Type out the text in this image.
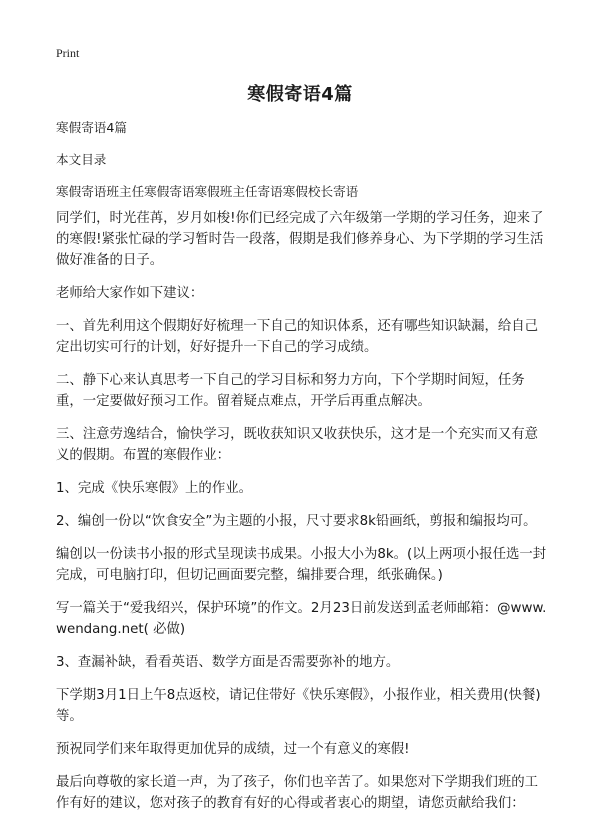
Print
寒假寄语4篇

寒假寄语4篇

本文目录

寒假寄语班主任寒假寄语寒假班主任寄语寒假校长寄语

同学们，时光荏苒，岁月如梭!你们已经完成了六年级第一学期的学习任务，迎来了的寒假!紧张忙碌的学习暂时告一段落，假期是我们修养身心、为下学期的学习生活做好准备的日子。

老师给大家作如下建议：

一、首先利用这个假期好好梳理一下自己的知识体系，还有哪些知识缺漏，给自己定出切实可行的计划，好好提升一下自己的学习成绩。

二、静下心来认真思考一下自己的学习目标和努力方向，下个学期时间短，任务重，一定要做好预习工作。留着疑点难点，开学后再重点解决。

三、注意劳逸结合，愉快学习，既收获知识又收获快乐，这才是一个充实而又有意义的假期。布置的寒假作业：

1、完成《快乐寒假》上的作业。

2、编创一份以“饮食安全”为主题的小报，尺寸要求8k铅画纸，剪报和编报均可。

编创以一份读书小报的形式呈现读书成果。小报大小为8k。(以上两项小报任选一封完成，可电脑打印，但切记画面要完整，编排要合理，纸张确保。)

写一篇关于“爱我绍兴，保护环境”的作文。2月23日前发送到孟老师邮箱：@www.wendang.net( 必做)

3、查漏补缺，看看英语、数学方面是否需要弥补的地方。

下学期3月1日上午8点返校，请记住带好《快乐寒假》，小报作业，相关费用(快餐)等。

预祝同学们来年取得更加优异的成绩，过一个有意义的寒假!

最后向尊敬的家长道一声，为了孩子，你们也辛苦了。如果您对下学期我们班的工作有好的建议，您对孩子的教育有好的心得或者衷心的期望，请您贡献给我们：
